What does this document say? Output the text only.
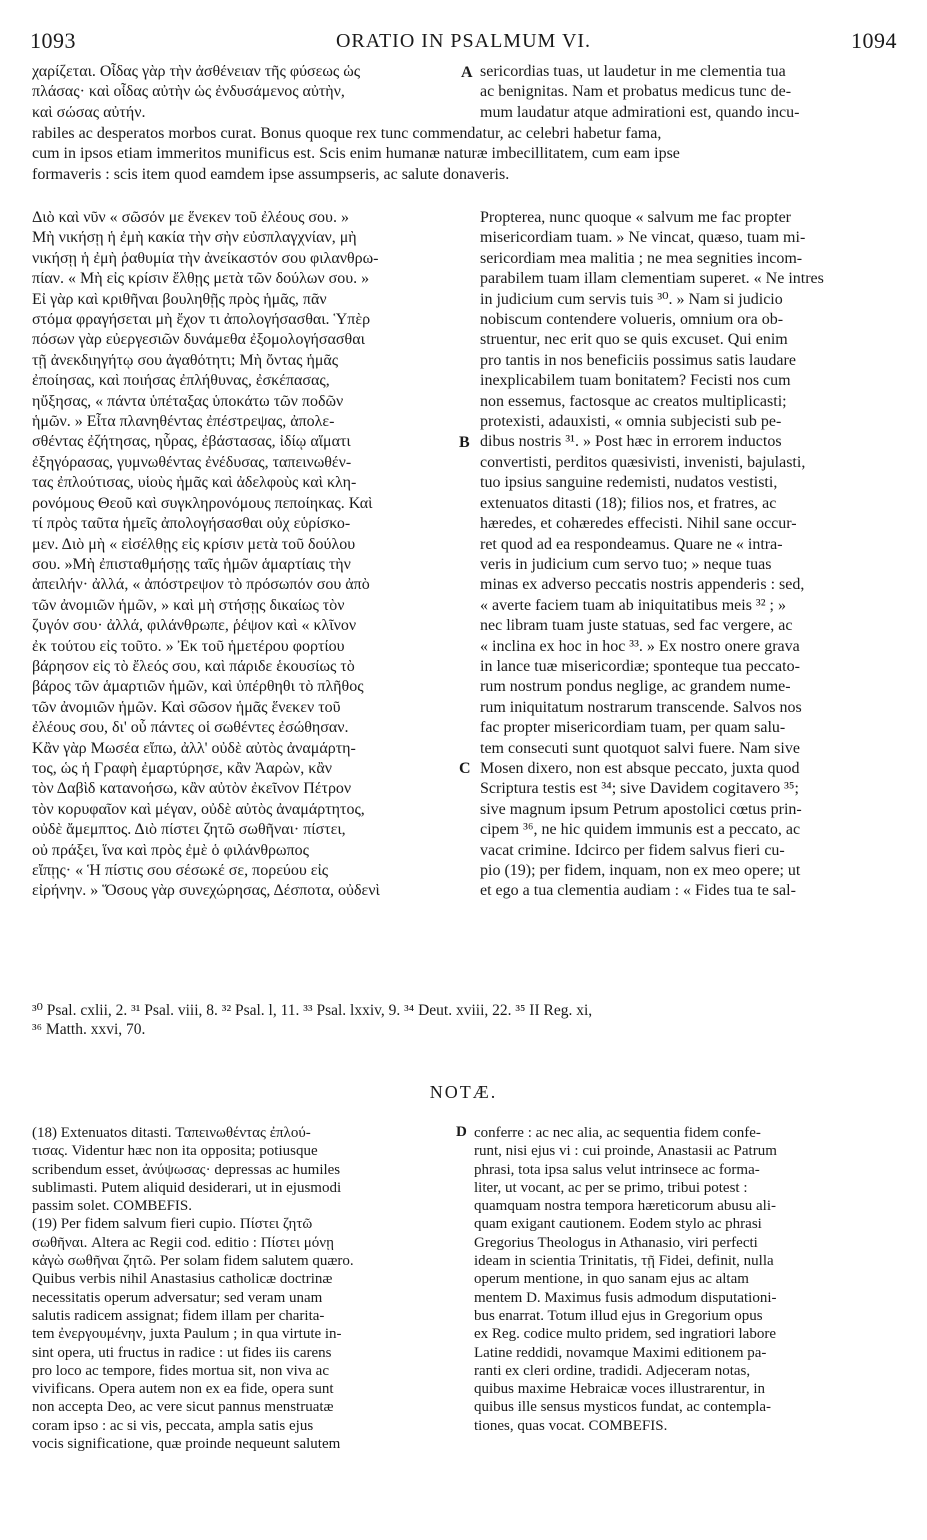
1093	ORATIO IN PSALMUM VI.	1094

χαρίζεται. Οἶδας γὰρ τὴν ἀσθένειαν τῆς φύσεως ὡς

πλάσας· καὶ οἶδας αὐτὴν ὡς ἐνδυσάμενος αὐτὴν,

καὶ σώσας αὐτήν.

A sericordias tuas, ut laudetur in me clementia tua

ac benignitas. Nam et probatus medicus tunc de-

mum laudatur atque admirationi est, quando incu-

rabiles ac desperatos morbos curat. Bonus quoque rex tunc commendatur, ac celebri habetur fama,

cum in ipsos etiam immeritos munificus est. Scis enim humanæ naturæ imbecillitatem, cum eam ipse

formaveris : scis item quod eamdem ipse assumpseris, ac salute donaveris.

Διὸ καὶ νῦν « σῶσόν με ἕνεκεν τοῦ ἐλέους σου. »

Μὴ νικήσῃ ἡ ἐμὴ κακία τὴν σὴν εὐσπλαγχνίαν, μὴ

νικήσῃ ἡ ἐμὴ ῥαθυμία τὴν ἀνείκαστόν σου φιλανθρω-

πίαν. « Μὴ εἰς κρίσιν ἔλθῃς μετὰ τῶν δούλων σου. »

Εἰ γὰρ καὶ κριθῆναι βουληθῇς πρὸς ἡμᾶς, πᾶν

στόμα φραγήσεται μὴ ἔχον τι ἀπολογήσασθαι. Ὑπὲρ

πόσων γὰρ εὐεργεσιῶν δυνάμεθα ἐξομολογήσασθαι

τῇ ἀνεκδιηγήτῳ σου ἀγαθότητι; Μὴ ὄντας ἡμᾶς

ἐποίησας, καὶ ποιήσας ἐπλήθυνας, ἐσκέπασας,

ηὔξησας, « πάντα ὑπέταξας ὑποκάτω τῶν ποδῶν

ἡμῶν. » Εἶτα πλανηθέντας ἐπέστρεψας, ἀπολε-

σθέντας ἐζήτησας, ηὗρας, ἐβάστασας, ἰδίῳ αἵματι

ἐξηγόρασας, γυμνωθέντας ἐνέδυσας, ταπεινωθέν-

τας ἐπλούτισας, υἱοὺς ἡμᾶς καὶ ἀδελφοὺς καὶ κλη-

ρονόμους Θεοῦ καὶ συγκληρονόμους πεποίηκας. Καὶ

τί πρὸς ταῦτα ἡμεῖς ἀπολογήσασθαι οὐχ εὑρίσκο-

μεν. Διὸ μὴ « εἰσέλθῃς εἰς κρίσιν μετὰ τοῦ δούλου

σου. »Μὴ ἐπισταθμήσῃς ταῖς ἡμῶν ἁμαρτίαις τὴν

ἀπειλήν· ἀλλά, « ἀπόστρεψον τὸ πρόσωπόν σου ἀπὸ

τῶν ἀνομιῶν ἡμῶν, » καὶ μὴ στήσῃς δικαίως τὸν

ζυγόν σου· ἀλλά, φιλάνθρωπε, ῥέψον καὶ « κλῖνον

ἐκ τούτου εἰς τοῦτο. » Ἐκ τοῦ ἡμετέρου φορτίου

βάρησον εἰς τὸ ἔλεός σου, καὶ πάριδε ἑκουσίως τὸ

βάρος τῶν ἁμαρτιῶν ἡμῶν, καὶ ὑπέρθηθι τὸ πλῆθος

τῶν ἀνομιῶν ἡμῶν. Καὶ σῶσον ἡμᾶς ἕνεκεν τοῦ

ἐλέους σου, δι' οὗ πάντες οἱ σωθέντες ἐσώθησαν.

Κἂν γὰρ Μωσέα εἴπω, ἀλλ' οὐδὲ αὐτὸς ἀναμάρτη-

τος, ὡς ἡ Γραφὴ ἐμαρτύρησε, κἂν Ἀαρὼν, κἂν

τὸν Δαβὶδ κατανοήσω, κἂν αὐτὸν ἐκεῖνον Πέτρον

τὸν κορυφαῖον καὶ μέγαν, οὐδὲ αὐτὸς ἀναμάρτητος,

οὐδὲ ἄμεμπτος. Διὸ πίστει ζητῶ σωθῆναι· πίστει,

οὐ πράξει, ἵνα καὶ πρὸς ἐμὲ ὁ φιλάνθρωπος

εἴπῃς· « Ἡ πίστις σου σέσωκέ σε, πορεύου εἰς

εἰρήνην. » Ὅσους γὰρ συνεχώρησας, Δέσποτα, οὐδενὶ

B
C

Propterea, nunc quoque « salvum me fac propter

misericordiam tuam. » Ne vincat, quæso, tuam mi-

sericordiam mea malitia ; ne mea segnities incom-

parabilem tuam illam clementiam superet. « Ne intres

in judicium cum servis tuis ³⁰. » Nam si judicio

nobiscum contendere volueris, omnium ora ob-

struentur, nec erit quo se quis excuset. Qui enim

pro tantis in nos beneficiis possimus satis laudare

inexplicabilem tuam bonitatem? Fecisti nos cum

non essemus, factosque ac creatos multiplicasti;

protexisti, adauxisti, « omnia subjecisti sub pe-

dibus nostris ³¹. » Post hæc in errorem inductos

convertisti, perditos quæsivisti, invenisti, bajulasti,

tuo ipsius sanguine redemisti, nudatos vestisti,

extenuatos ditasti (18); filios nos, et fratres, ac

hæredes, et cohæredes effecisti. Nihil sane occur-

ret quod ad ea respondeamus. Quare ne « intra-

veris in judicium cum servo tuo; » neque tuas

minas ex adverso peccatis nostris appenderis : sed,

« averte faciem tuam ab iniquitatibus meis ³² ; »

nec libram tuam juste statuas, sed fac vergere, ac

« inclina ex hoc in hoc ³³. » Ex nostro onere grava

in lance tuæ misericordiæ; sponteque tua peccato-

rum nostrum pondus neglige, ac grandem nume-

rum iniquitatum nostrarum transcende. Salvos nos

fac propter misericordiam tuam, per quam salu-

tem consecuti sunt quotquot salvi fuere. Nam sive

Mosen dixero, non est absque peccato, juxta quod

Scriptura testis est ³⁴; sive Davidem cogitavero ³⁵;

sive magnum ipsum Petrum apostolici cœtus prin-

cipem ³⁶, ne hic quidem immunis est a peccato, ac

vacat crimine. Idcirco per fidem salvus fieri cu-

pio (19); per fidem, inquam, non ex meo opere; ut

et ego a tua clementia audiam : « Fides tua te sal-

³⁰ Psal. cxlii, 2. ³¹ Psal. viii, 8. ³² Psal. l, 11. ³³ Psal. lxxiv, 9. ³⁴ Deut. xviii, 22. ³⁵ II Reg. xi,

³⁶ Matth. xxvi, 70.

NOTÆ.

(18) Extenuatos ditasti. Ταπεινωθέντας ἐπλού-

τισας. Videntur hæc non ita opposita; potiusque

scribendum esset, ἀνύψωσας· depressas ac humiles

sublimasti. Putem aliquid desiderari, ut in ejusmodi

passim solet. COMBEFIS.

(19) Per fidem salvum fieri cupio. Πίστει ζητῶ

σωθῆναι. Altera ac Regii cod. editio : Πίστει μόνῃ

κἀγὼ σωθῆναι ζητῶ. Per solam fidem salutem quæro.

Quibus verbis nihil Anastasius catholicæ doctrinæ

necessitatis operum adversatur; sed veram unam

salutis radicem assignat; fidem illam per charita-

tem ἐνεργουμένην, juxta Paulum ; in qua virtute in-

sint opera, uti fructus in radice : ut fides iis carens

pro loco ac tempore, fides mortua sit, non viva ac

vivificans. Opera autem non ex ea fide, opera sunt

non accepta Deo, ac vere sicut pannus menstruatæ

coram ipso : ac si vis, peccata, ampla satis ejus

vocis significatione, quæ proinde nequeunt salutem

D conferre : ac nec alia, ac sequentia fidem confe-

runt, nisi ejus vi : cui proinde, Anastasii ac Patrum

phrasi, tota ipsa salus velut intrinsece ac forma-

liter, ut vocant, ac per se primo, tribui potest :

quamquam nostra tempora hæreticorum abusu ali-

quam exigant cautionem. Eodem stylo ac phrasi

Gregorius Theologus in Athanasio, viri perfecti

ideam in scientia Trinitatis, τῇ Fidei, definit, nulla

operum mentione, in quo sanam ejus ac altam

mentem D. Maximus fusis admodum disputationi-

bus enarrat. Totum illud ejus in Gregorium opus

ex Reg. codice multo pridem, sed ingratiori labore

Latine reddidi, novamque Maximi editionem pa-

ranti ex cleri ordine, tradidi. Adjeceram notas,

quibus maxime Hebraicæ voces illustrarentur, in

quibus ille sensus mysticos fundat, ac contempla-

tiones, quas vocat. COMBEFIS.
